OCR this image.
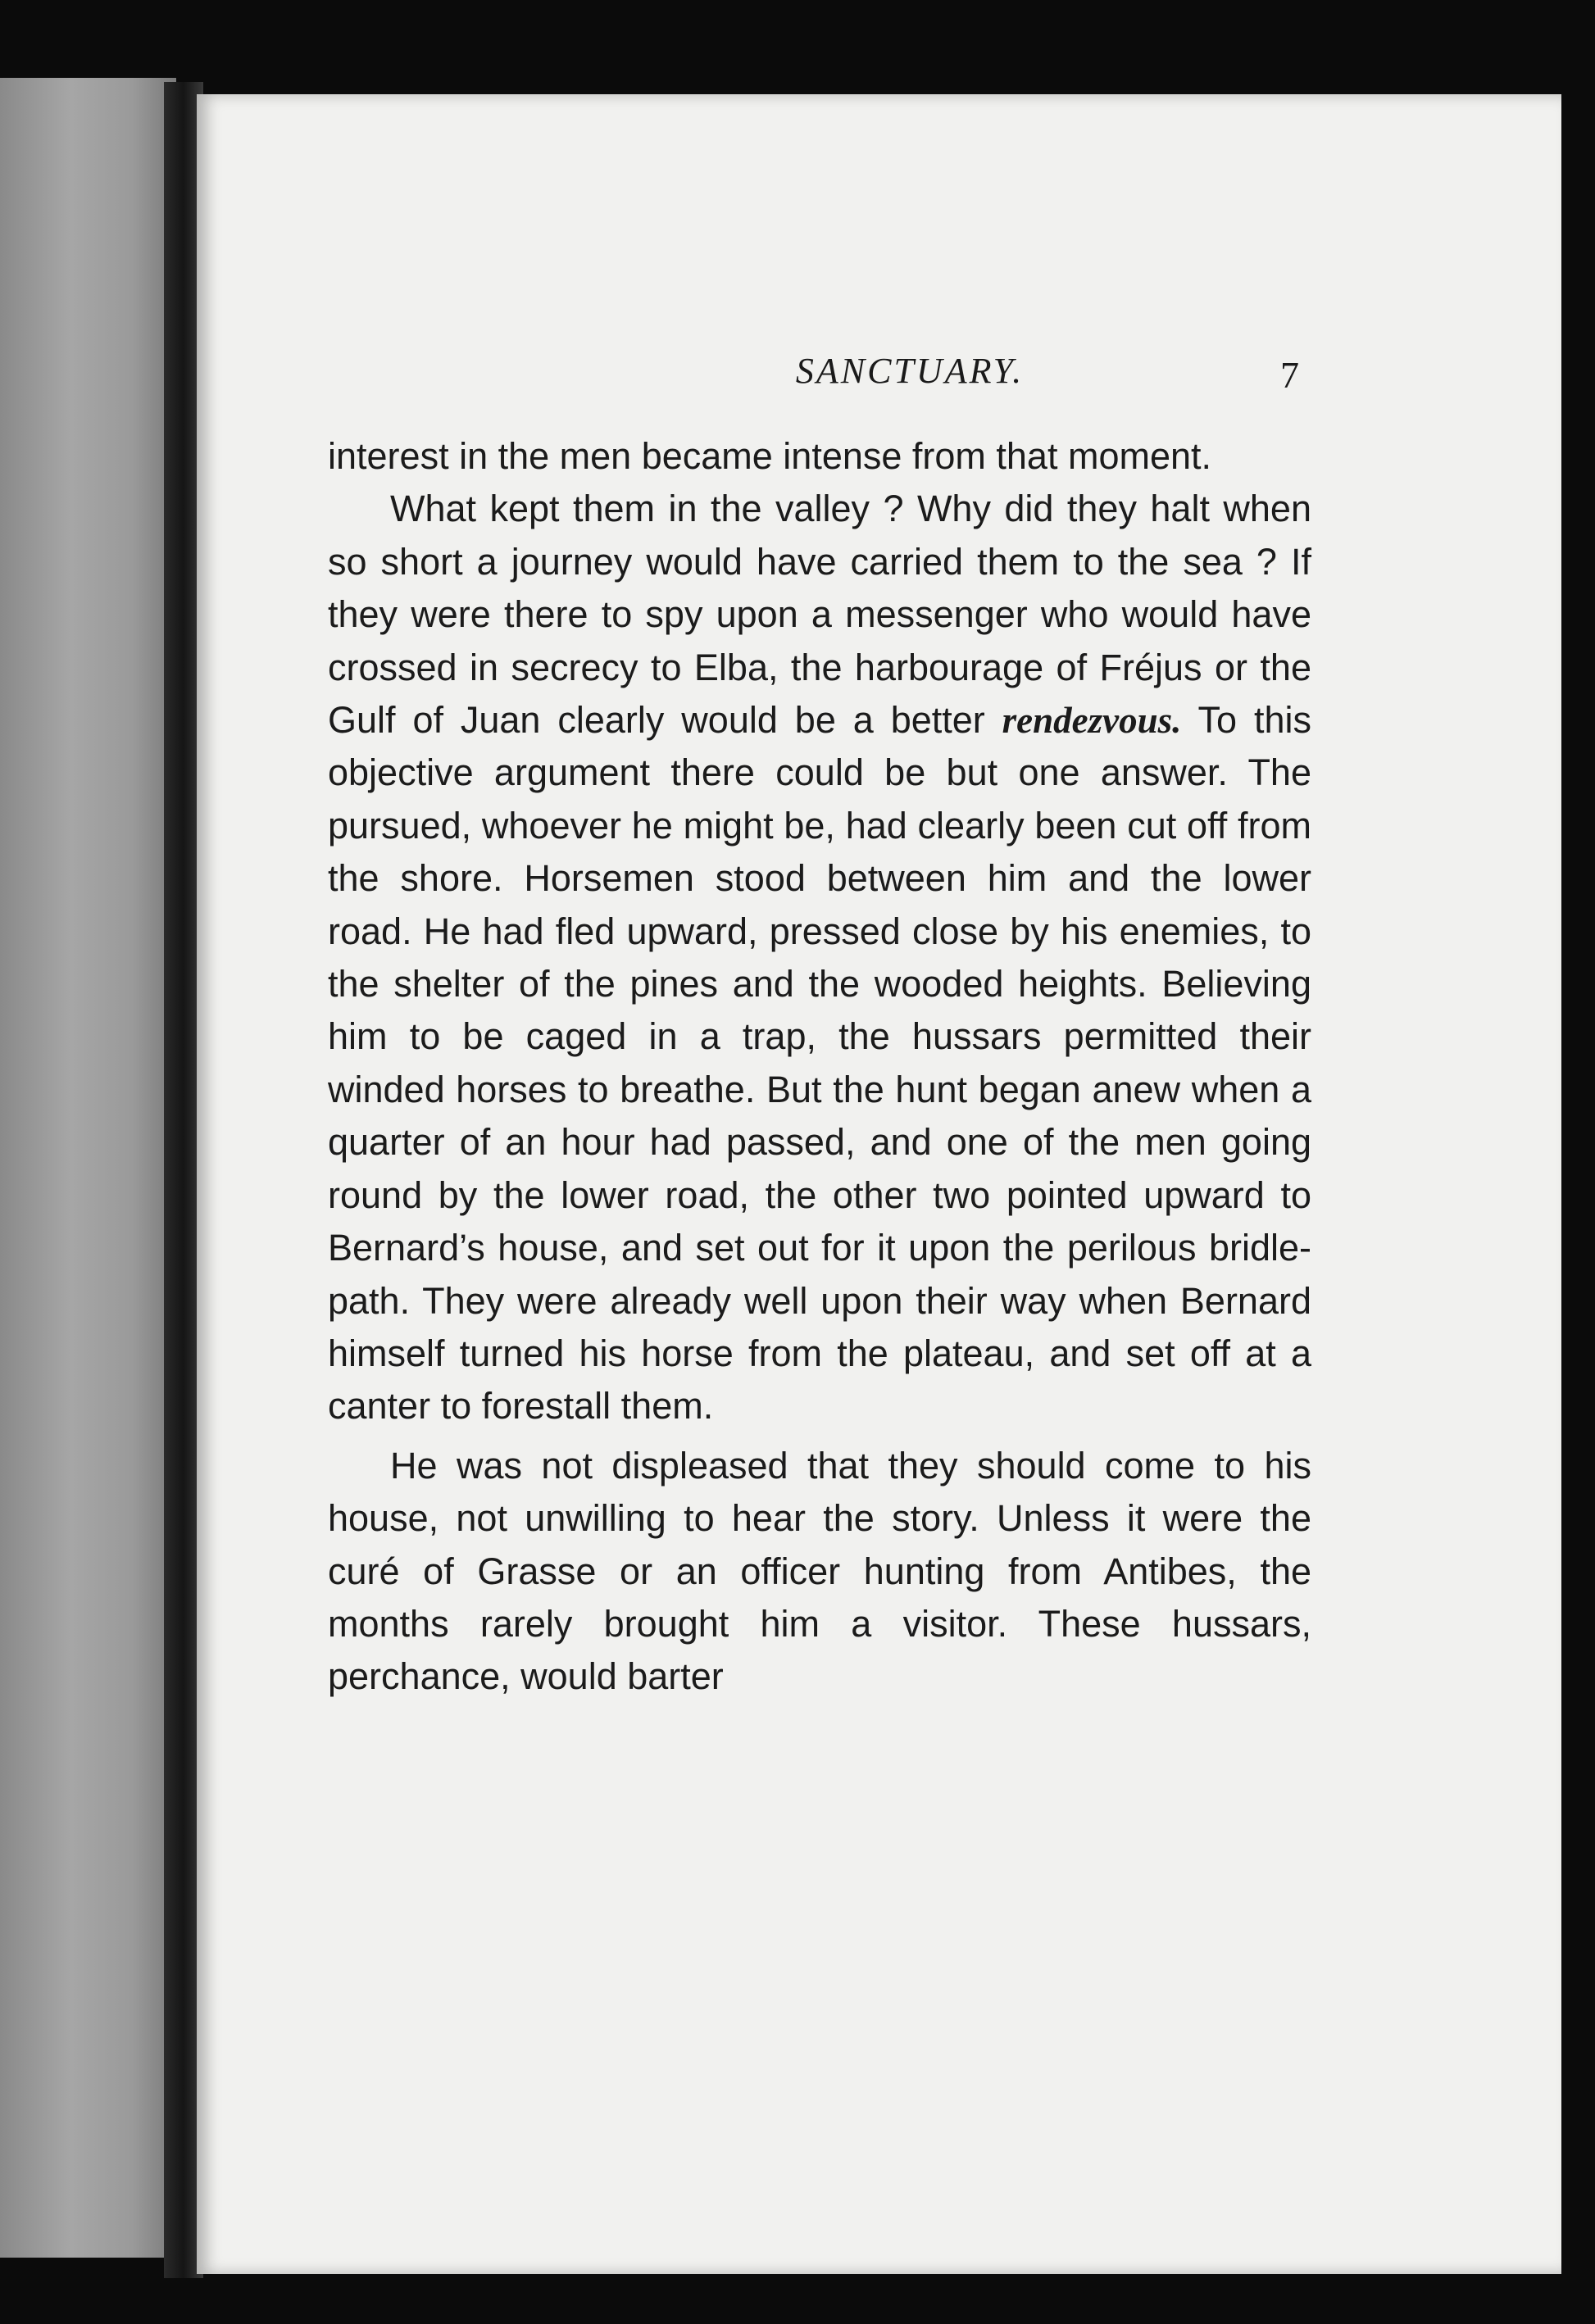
SANCTUARY.	7

interest in the men became intense from that moment.

What kept them in the valley ? Why did they halt when so short a journey would have carried them to the sea ? If they were there to spy upon a messenger who would have crossed in secrecy to Elba, the harbourage of Fréjus or the Gulf of Juan clearly would be a better rendezvous. To this objective argument there could be but one answer. The pursued, whoever he might be, had clearly been cut off from the shore. Horsemen stood between him and the lower road. He had fled upward, pressed close by his enemies, to the shelter of the pines and the wooded heights. Believing him to be caged in a trap, the hussars permitted their winded horses to breathe. But the hunt began anew when a quarter of an hour had passed, and one of the men going round by the lower road, the other two pointed upward to Bernard’s house, and set out for it upon the perilous bridle-path. They were already well upon their way when Bernard himself turned his horse from the plateau, and set off at a canter to forestall them.

He was not displeased that they should come to his house, not unwilling to hear the story. Unless it were the curé of Grasse or an officer hunting from Antibes, the months rarely brought him a visitor. These hussars, perchance, would barter
